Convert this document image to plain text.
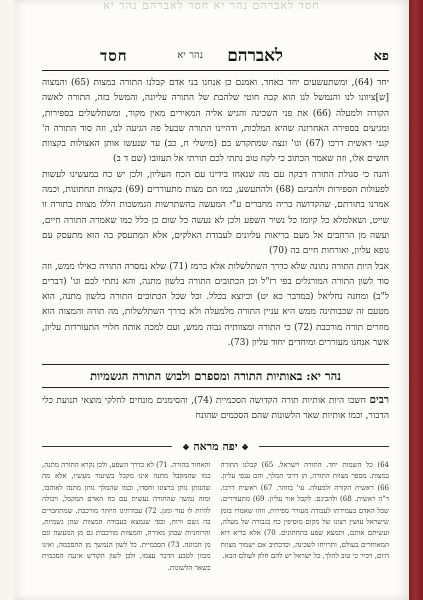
חסד לאברהם נהר יא חסד לאברהם נהר יא
פא
לאברהם
נהר יא
חסד

יחד (64), ומשתעשעים יחד כאחד. ואמנם כן אנחנו בני אדם קבלנו התורה במצות (65) והמצוה [ש]ציוונו לנו והנמשל לנו הוא קבה חוטי שלהבת של התורה עליונה, והמשל בזה, התורה לאשה הקורה ולמעלה (66) את פני השכינה והגיש אליה המאירים מאין מקור, ומשתלשלים בספירות, ומגיעים בספירה האחרונה שהיא המלכות, ודהיינו התורה שבעל פה הגיעה לנו, וזה סוד התורה ה' קנני ראשית דרכו (67) וגו' ונצה שמתקדש בם (מישלי ח, כב) עד שנעשו אותן האצולות בקצוות חושים אלו, וזה שאמר הכתוב כי לקח טוב נתתי לכם תורתי אל תעזובו (שם ד ב)

והנה כי סגולת התורה דבקה עם מה שנאחז בידינו עם הכח העליון, ולכן יש כח במעשינו לעשות לפעולות הספירות ולהביגם (68) ולהתעשע, כמו הם מצות מתעוררים (69) בקצוות תחתונות, וכמה אמרנו בתורתם, שהקדושה בריה מחברים ע"י המעשה בהשתרשות הנמשכות הללו מצוות בתורה זו שייט, ושאלמלא כל קיומו כל נשיר השפע ולכן לא נעשה כל שום כן כלל כמו שאמרה התורה חיים, ועשה מן הרחבים אל מעם בריאות עליונים לעבודת האלקים, אלא המתעסק בה הוא מתעסק עם גופא עליון, ואורחות חיים בה (70)

אבל היות התורה נתונה שלא כדרך השתלשלות אלא ברמז (71) שלא נמסרה התורה כאילו ממש, וזה סוד לשון התורה המורגלים בפי רז"ל וכן הכתובים התורה בלשון מתנה, והא נתתי לכם וגו' (דברים ל"ב) ומחנה נחליאל (במדבר כא יט) וכיוצא בכלל. וכל שכל הכתובים התורה בלשון מתנה, הוא מטעם זה שכבותינה ממש היא עניין התורה מלמעלה ולא כדרך השתלשלות, מה תורה והמצוה הוא מוזרים תורה מורכבת (72) כי התורה ומצוותיה גבוה ממש, ועם למכה אותה חלויי התעוררות עליון, אשר אנחנו מעוררים ומיחדים יחוד עליון (73).

נהר יא: באותיות התורה ומספרם ולבוש התורה הגשמיות
רבים חשבו היות אותיות תורה הקדושה הסכמיית (74), והסימנים מונחים לחלקי מוצאי תנועת כלי הדבור, וכמו אותיות שאר הלשונות שהם הסכמים שהונח
❖ יפה מראה ❖
64) כל השמות יחד. התורה וישראל. 65) קבלנו התורה במצות. מספר מצוות התורה, הן דרכי המלך, והם ענפי עליון. 66) ראשית הקורה ולמעלה. עי' בזוהר. 67) ראשית דרכו. ד"ה ראשית. 68) ולהביגם. לקבל אור עליון. 69) מתעוררים. שכל האדם בעמידתו לעבודה מעורר ספירות, וזהו שאמרו בזמן שישראל עושין רצונו של מקום מוסיפין כח בגבורה של מעלה, ועשיתם אותם, ותמצא שפע בתחתונים. 70) אלא בריא דוא המאוחרים בעולם, ותרויחו לשכינה, וכדכתיב אם ישמור מצוות היום, ויכיר כי טוב להלך, כל ישראל יש להם חלק לעולם הבא.
והאחור בהורה. 71) לא כדרך השפע, ולכן נקרא התורה מתנה, כמו שהמקבל מתנה אינו מקבל בשיעור מעשיו, אלא מה שהנותן נותן ברצונו וחסדו, וכמו שהמלך נותן מתנה לאוהבו, ומזה נמשך שהתורה נעשית עם כח האדם המקבל, ויכולה להיות לו עזר ומגן. 72) עבודתינו היותר מורכבת. שמתחברים בה גשם ורוח, וכפי שנמצא בעבודה המצוות שהן גשמיות, והרוחניות שבהן מאירה, והמצוות מורכבות גם מן המעשה וגם מן הכוונה. 73) הסכמיית. כל לשון הנמשך מן ההסכמה, ואינו מכוון לטבע הדבר עצמו, ולכן לשון הקודש איננה הסכמית כשאר הלשונות.
